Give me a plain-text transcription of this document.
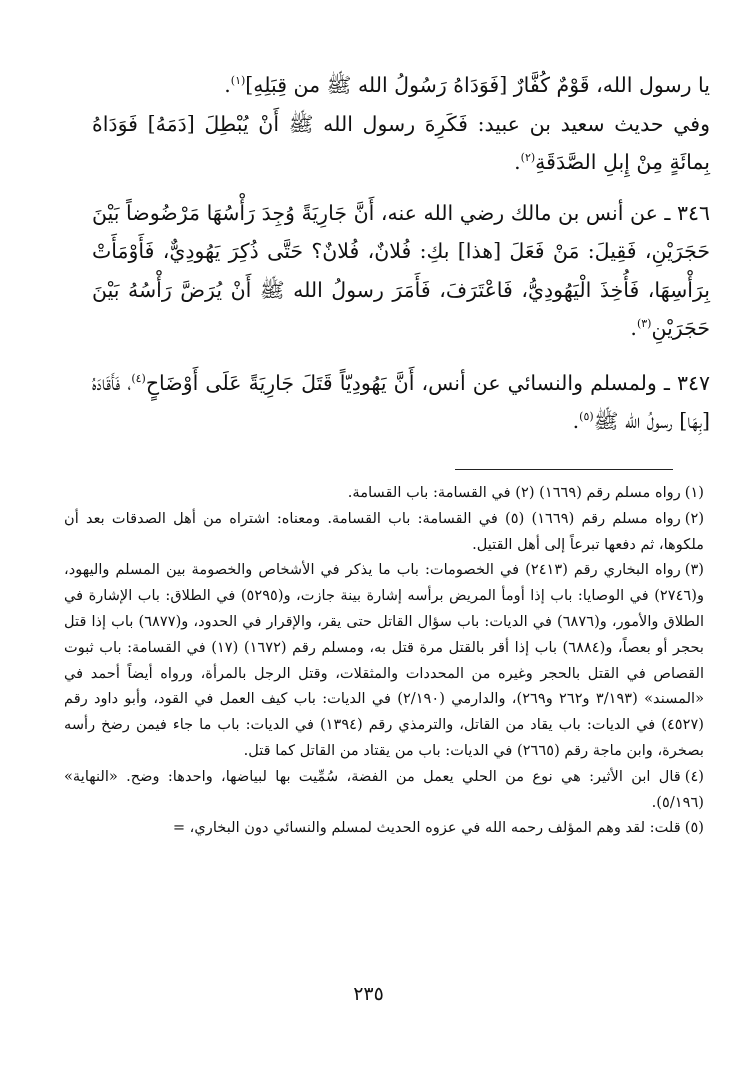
يا رسول الله، قَوْمٌ كُفَّارٌ [فَوَدَاهُ رَسُولُ الله ﷺ من قِبَلِهِ]$^{(١)}$.

وفي حديث سعيد بن عبيد: فَكَرِهَ رسول الله ﷺ أَنْ يُبْطِلَ [دَمَهُ] فَوَدَاهُ بِمائَةٍ مِنْ إِبلِ الصَّدَقَةِ$^{(٢)}$.

٣٤٦ ـ عن أنس بن مالك رضي الله عنه، أَنَّ جَارِيَةً وُجِدَ رَأْسُهَا مَرْضُوضاً بَيْنَ حَجَرَيْنِ، فَقِيلَ: مَنْ فَعَلَ [هذا] بكِ: فُلانٌ، فُلانٌ؟ حَتَّى ذُكِرَ يَهُودِيٌّ، فَأَوْمَأَتْ بِرَأْسِهَا، فَأُخِذَ الْيَهُودِيُّ، فَاعْتَرَفَ، فَأَمَرَ رسولُ الله ﷺ أَنْ يُرَضَّ رَأْسُهُ بَيْنَ حَجَرَيْنِ$^{(٣)}$.

٣٤٧ ـ ولمسلم والنسائي عن أنس، أَنَّ يَهُودِيّاً قَتَلَ جَارِيَةً عَلَى أَوْضَاحٍ$^{(٤)}$، فَأَقَادَهُ [بِهَا] رسولُ الله ﷺ$^{(٥)}$.

(١)رواه مسلم رقم (١٦٦٩) (٢) في القسامة: باب القسامة.

(٢)رواه مسلم رقم (١٦٦٩) (٥) في القسامة: باب القسامة. ومعناه: اشتراه من أهل الصدقات بعد أن ملكوها، ثم دفعها تبرعاً إلى أهل القتيل.

(٣)رواه البخاري رقم (٢٤١٣) في الخصومات: باب ما يذكر في الأشخاص والخصومة بين المسلم واليهود، و(٢٧٤٦) في الوصايا: باب إذا أومأ المريض برأسه إشارة بينة جازت، و(٥٢٩٥) في الطلاق: باب الإشارة في الطلاق والأمور، و(٦٨٧٦) في الديات: باب سؤال القاتل حتى يقر، والإقرار في الحدود، و(٦٨٧٧) باب إذا قتل بحجر أو بعصاً، و(٦٨٨٤) باب إذا أقر بالقتل مرة قتل به، ومسلم رقم (١٦٧٢) (١٧) في القسامة: باب ثبوت القصاص في القتل بالحجر وغيره من المحددات والمثقلات، وقتل الرجل بالمرأة، ورواه أيضاً أحمد في «المسند» (٣/١٩٣ و٢٦٢ و٢٦٩)، والدارمي (٢/١٩٠) في الديات: باب كيف العمل في القود، وأبو داود رقم (٤٥٢٧) في الديات: باب يقاد من القاتل، والترمذي رقم (١٣٩٤) في الديات: باب ما جاء فيمن رضخ رأسه بصخرة، وابن ماجة رقم (٢٦٦٥) في الديات: باب من يقتاد من القاتل كما قتل.

(٤)قال ابن الأثير: هي نوع من الحلي يعمل من الفضة، سُمِّيت بها لبياضها، واحدها: وضح. «النهاية» (٥/١٩٦).

(٥)قلت: لقد وهم المؤلف رحمه الله في عزوه الحديث لمسلم والنسائي دون البخاري، =

٢٣٥
